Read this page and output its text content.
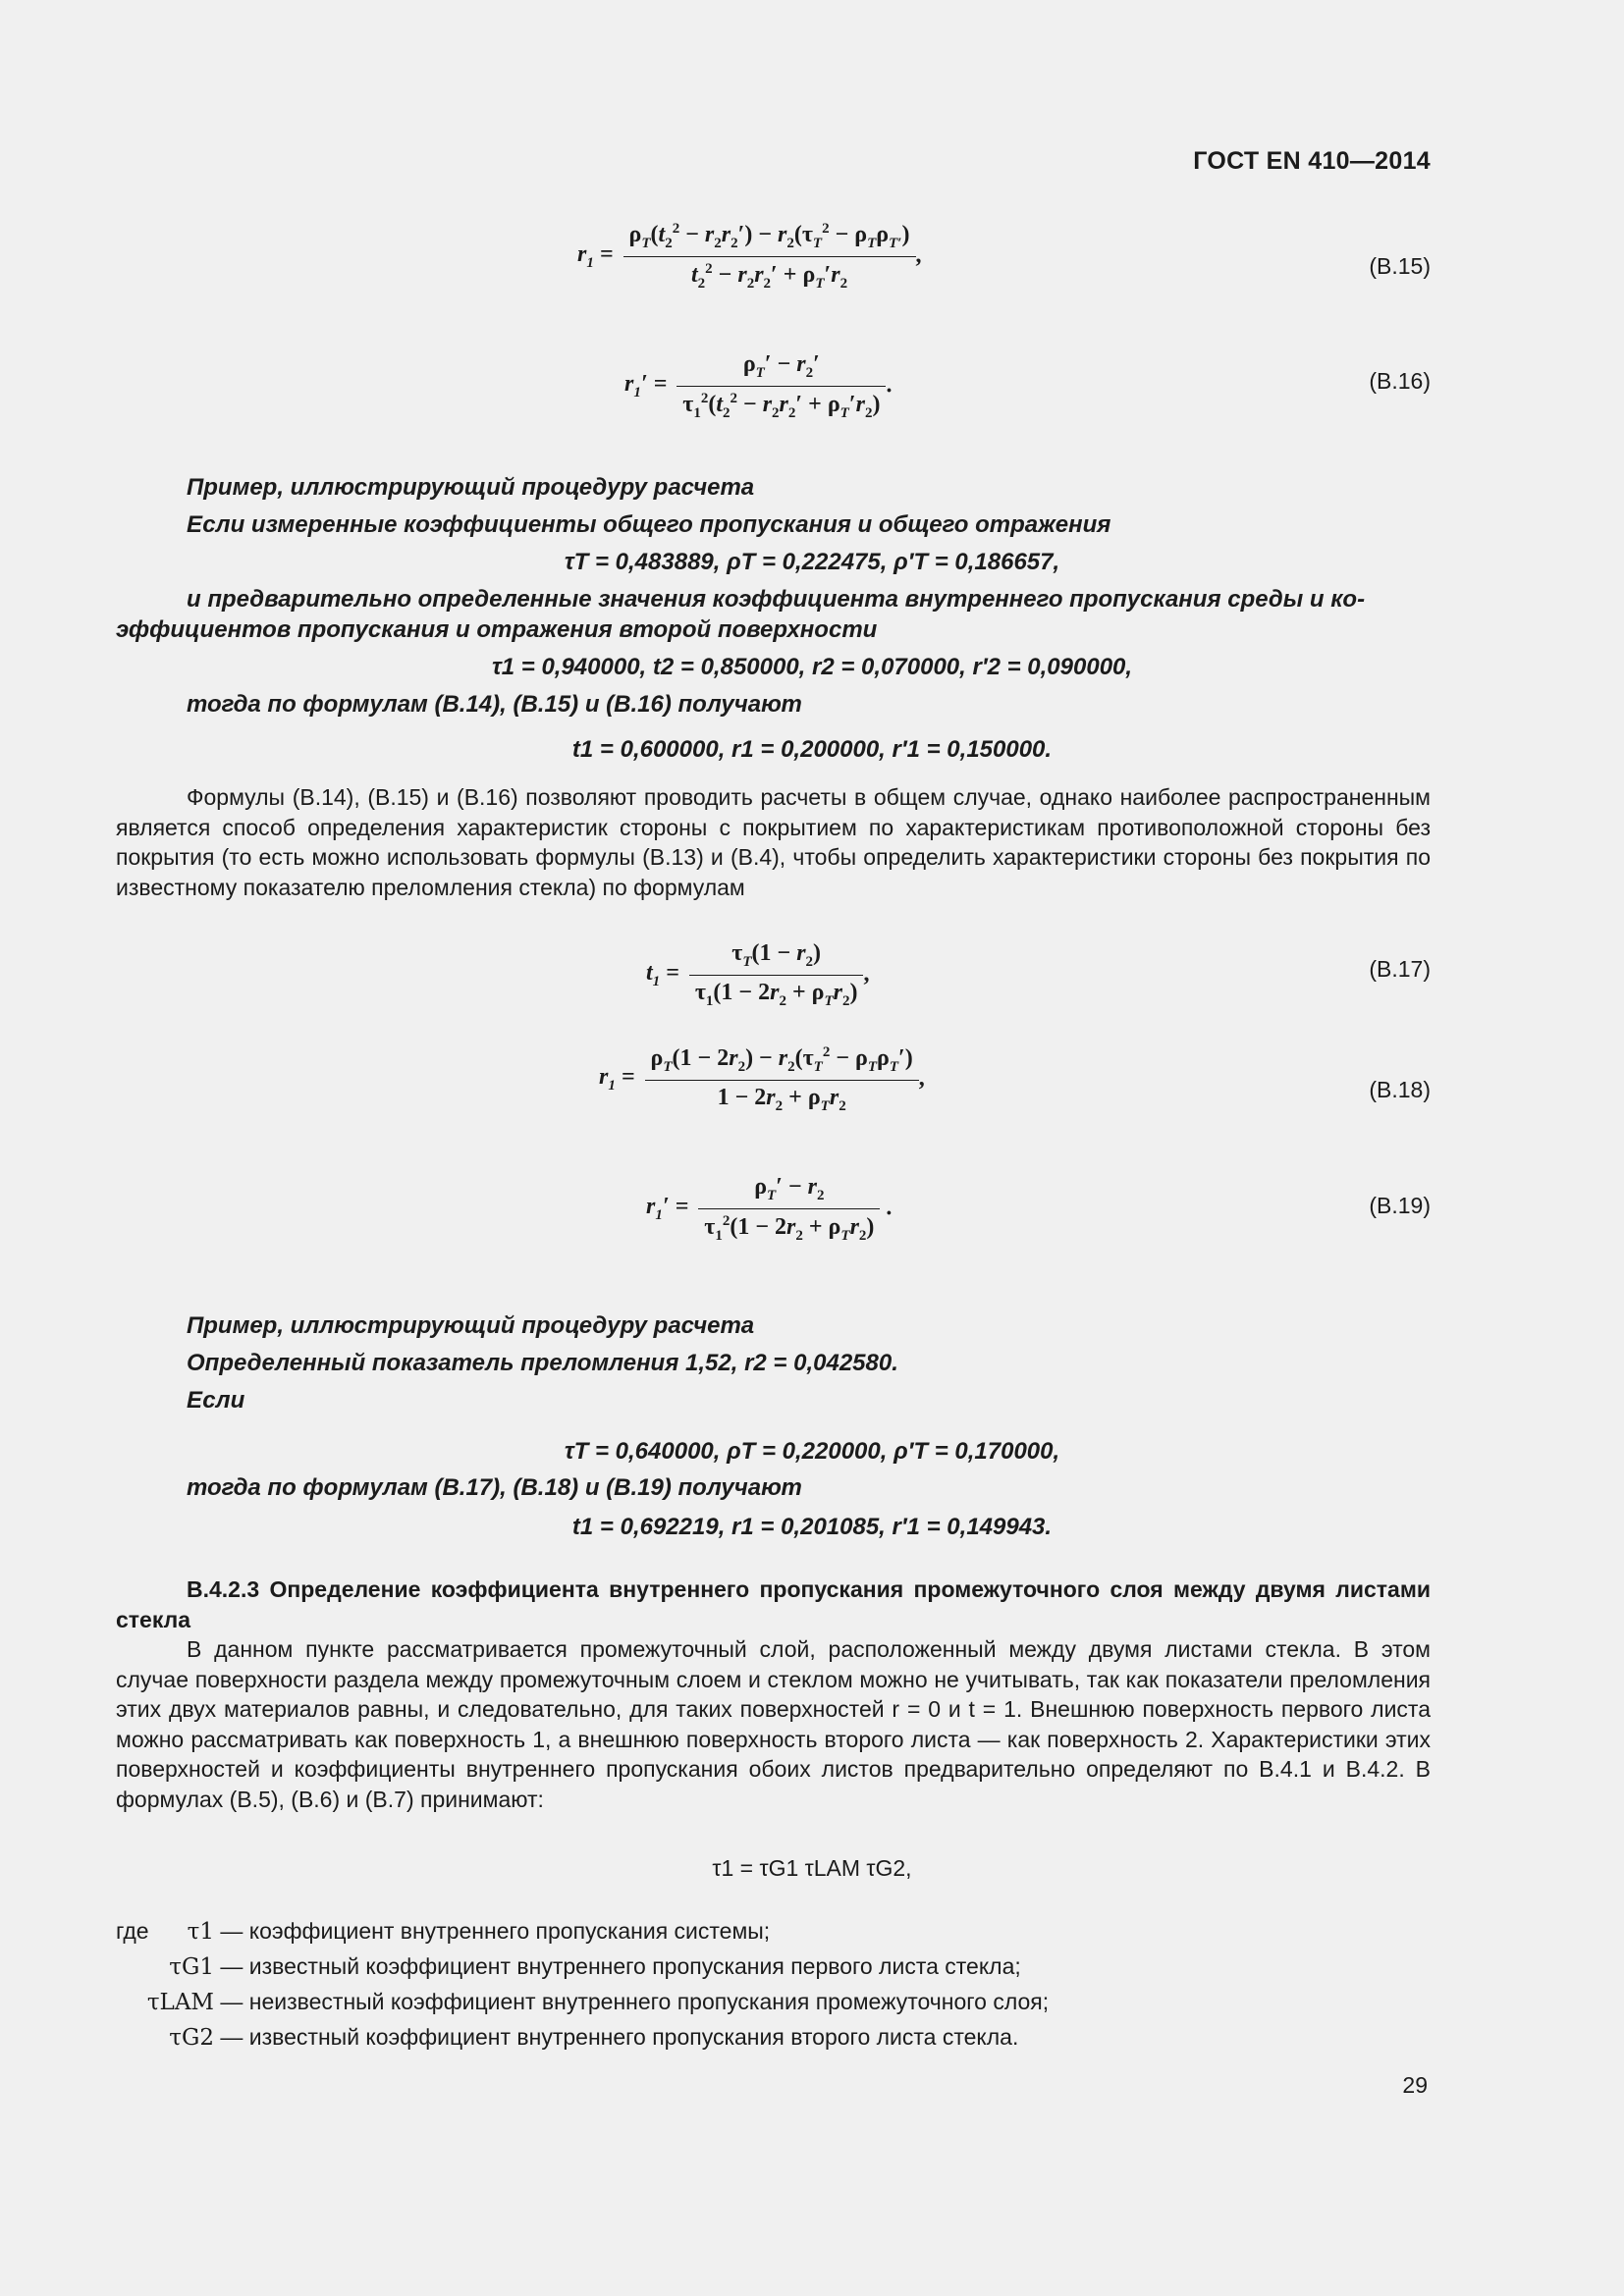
ГОСТ EN 410—2014
$r_1 = \frac{\rho_T(t_2^2 - r_2r_2') - r_2(\tau_T^2 - \rho_T\rho_{T'})}{t_2^2 - r_2r_2' + \rho_T'r_2}$ ,	(B.15)
$r_1' = \frac{\rho_T' - r_2'}{\tau_1^2(t_2^2 - r_2r_2' + \rho_T'r_2)}$ .	(B.16)
Пример, иллюстрирующий процедуру расчета
Если измеренные коэффициенты общего пропускания и общего отражения
τT = 0,483889, ρT = 0,222475, ρ′T = 0,186657,
и предварительно определенные значения коэффициента внутреннего пропускания среды и ко-
эффициентов пропускания и отражения второй поверхности
τ1 = 0,940000, t2 = 0,850000, r2 = 0,070000, r′2 = 0,090000,
тогда по формулам (B.14), (B.15) и (B.16) получают
t1 = 0,600000, r1 = 0,200000, r′1 = 0,150000.

Формулы (B.14), (B.15) и (B.16) позволяют проводить расчеты в общем случае, однако наиболее распространенным является способ определения характеристик стороны с покрытием по характеристикам противоположной стороны без покрытия (то есть можно использовать формулы (B.13) и (B.4), чтобы определить характеристики стороны без покрытия по известному показателю преломления стекла) по формулам

$t_1 = \frac{\tau_T(1 - r_2)}{\tau_1(1 - 2r_2 + \rho_Tr_2)}$ ,	(B.17)
$r_1 = \frac{\rho_T(1 - 2r_2) - r_2(\tau_T^2 - \rho_T\rho_T')}{1 - 2r_2 + \rho_Tr_2}$ ,	(B.18)
$r_1' = \frac{\rho_T' - r_2}{\tau_1^2(1 - 2r_2 + \rho_Tr_2)}$ .	(B.19)
Пример, иллюстрирующий процедуру расчета
Определенный показатель преломления 1,52, r2 = 0,042580.
Если
τT = 0,640000, ρT = 0,220000, ρ′T = 0,170000,
тогда по формулам (B.17), (B.18) и (B.19) получают
t1 = 0,692219, r1 = 0,201085, r′1 = 0,149943.

B.4.2.3 Определение коэффициента внутреннего пропускания промежуточного слоя между двумя листами стекла

В данном пункте рассматривается промежуточный слой, расположенный между двумя листами стекла. В этом случае поверхности раздела между промежуточным слоем и стеклом можно не учитывать, так как показатели преломления этих двух материалов равны, и следовательно, для таких поверхностей r = 0 и t = 1. Внешнюю поверхность первого листа можно рассматривать как поверхность 1, а внешнюю поверхность второго листа — как поверхность 2. Характеристики этих поверхностей и коэффициенты внутреннего пропускания обоих листов предварительно определяют по B.4.1 и B.4.2. В формулах (B.5), (B.6) и (B.7) принимают:

τ1 = τG1 τLAM τG2,
где	τ1 — коэффициент внутреннего пропускания системы;
τG1 — известный коэффициент внутреннего пропускания первого листа стекла;
τLAM — неизвестный коэффициент внутреннего пропускания промежуточного слоя;
τG2 — известный коэффициент внутреннего пропускания второго листа стекла.
29
